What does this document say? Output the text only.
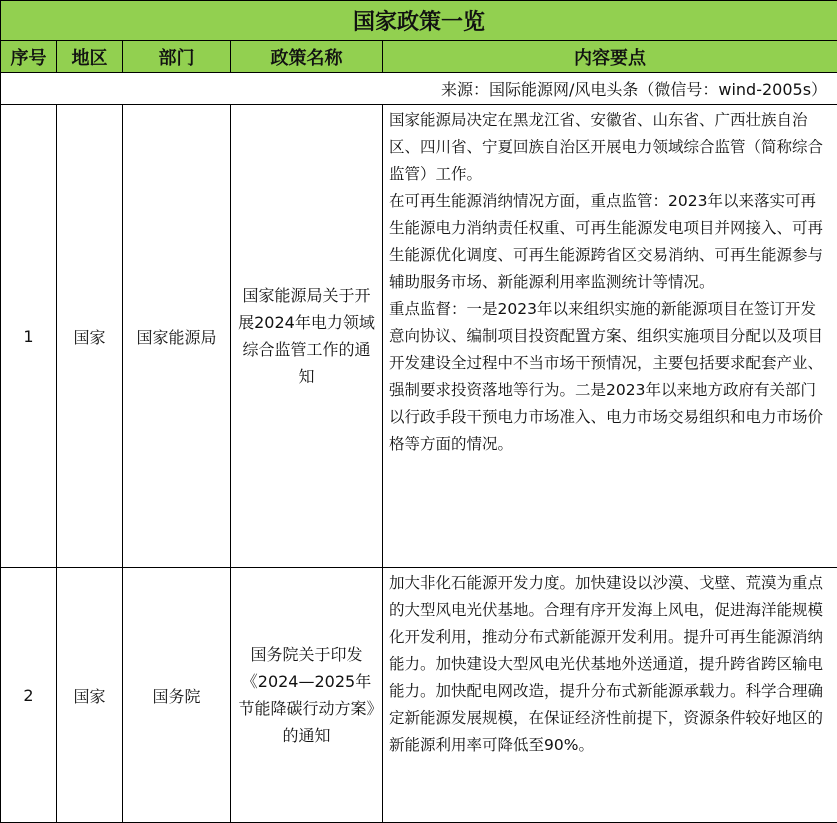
国家政策一览				
序号	地区	部门	政策名称	内容要点
来源：国际能源网/风电头条（微信号：wind-2005s）				
1	国家	国家能源局	国家能源局关于开展2024年电力领域综合监管工作的通知	国家能源局决定在黑龙江省、安徽省、山东省、广西壮族自治区、四川省、宁夏回族自治区开展电力领域综合监管（简称综合监管）工作。

在可再生能源消纳情况方面，重点监管：2023年以来落实可再生能源电力消纳责任权重、可再生能源发电项目并网接入、可再生能源优化调度、可再生能源跨省区交易消纳、可再生能源参与辅助服务市场、新能源利用率监测统计等情况。

重点监督：一是2023年以来组织实施的新能源项目在签订开发意向协议、编制项目投资配置方案、组织实施项目分配以及项目开发建设全过程中不当市场干预情况，主要包括要求配套产业、强制要求投资落地等行为。二是2023年以来地方政府有关部门以行政手段干预电力市场准入、电力市场交易组织和电力市场价格等方面的情况。

2	国家	国务院	国务院关于印发《2024—2025年节能降碳行动方案》的通知	加大非化石能源开发力度。加快建设以沙漠、戈壁、荒漠为重点的大型风电光伏基地。合理有序开发海上风电，促进海洋能规模化开发利用，推动分布式新能源开发利用。提升可再生能源消纳能力。加快建设大型风电光伏基地外送通道，提升跨省跨区输电能力。加快配电网改造，提升分布式新能源承载力。科学合理确定新能源发展规模，在保证经济性前提下，资源条件较好地区的新能源利用率可降低至90%。
